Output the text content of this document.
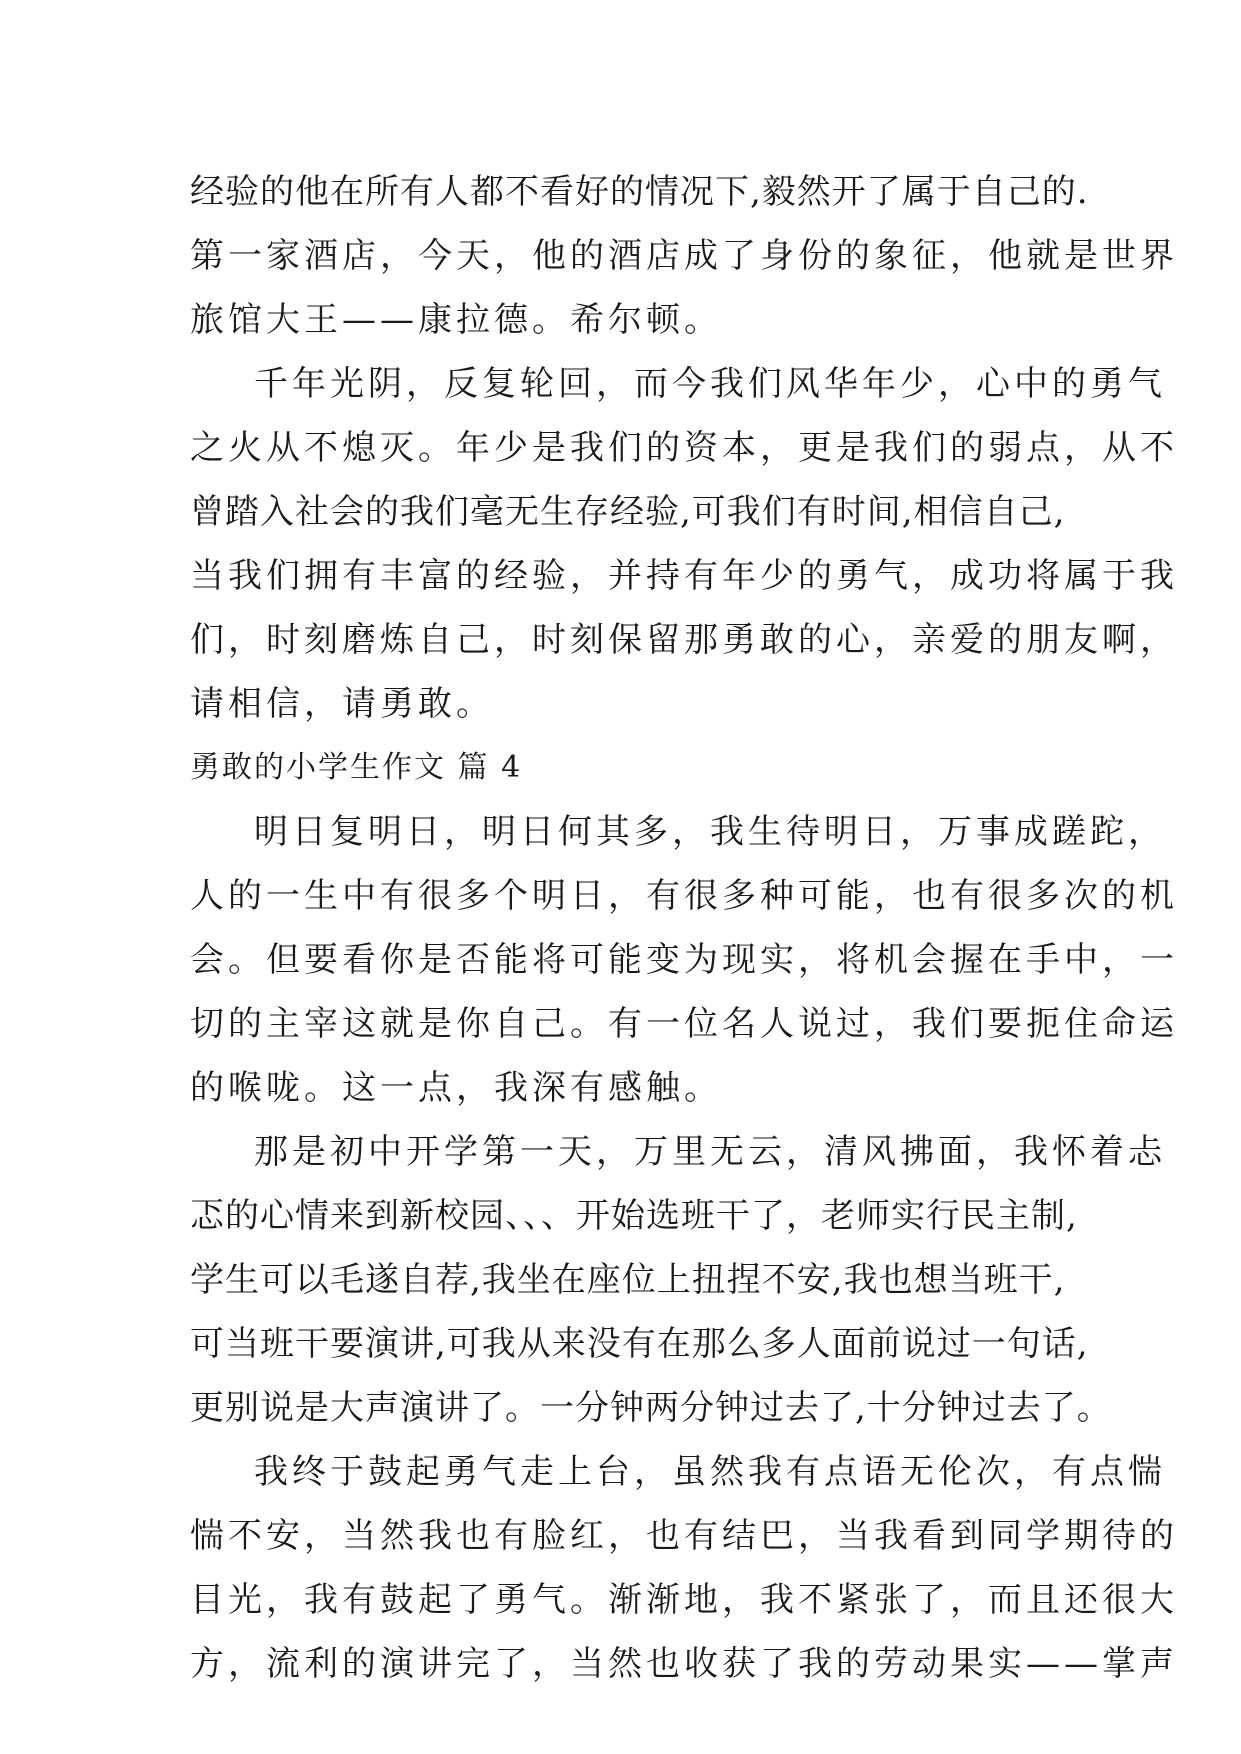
经验的他在所有人都不看好的情况下,毅然开了属于自己的.
第一家酒店，今天，他的酒店成了身份的象征，他就是世界
旅馆大王——康拉德。希尔顿。
千年光阴，反复轮回，而今我们风华年少，心中的勇气
之火从不熄灭。年少是我们的资本，更是我们的弱点，从不
曾踏入社会的我们毫无生存经验,可我们有时间,相信自己,
当我们拥有丰富的经验，并持有年少的勇气，成功将属于我
们，时刻磨炼自己，时刻保留那勇敢的心，亲爱的朋友啊，
请相信，请勇敢。
勇敢的小学生作文 篇 4
明日复明日，明日何其多，我生待明日，万事成蹉跎，
人的一生中有很多个明日，有很多种可能，也有很多次的机
会。但要看你是否能将可能变为现实，将机会握在手中，一
切的主宰这就是你自己。有一位名人说过，我们要扼住命运
的喉咙。这一点，我深有感触。
那是初中开学第一天，万里无云，清风拂面，我怀着忐
忑的心情来到新校园、、、开始选班干了，老师实行民主制,
学生可以毛遂自荐,我坐在座位上扭捏不安,我也想当班干,
可当班干要演讲,可我从来没有在那么多人面前说过一句话,
更别说是大声演讲了。一分钟两分钟过去了,十分钟过去了。
我终于鼓起勇气走上台，虽然我有点语无伦次，有点惴
惴不安，当然我也有脸红，也有结巴，当我看到同学期待的
目光，我有鼓起了勇气。渐渐地，我不紧张了，而且还很大
方，流利的演讲完了，当然也收获了我的劳动果实——掌声
